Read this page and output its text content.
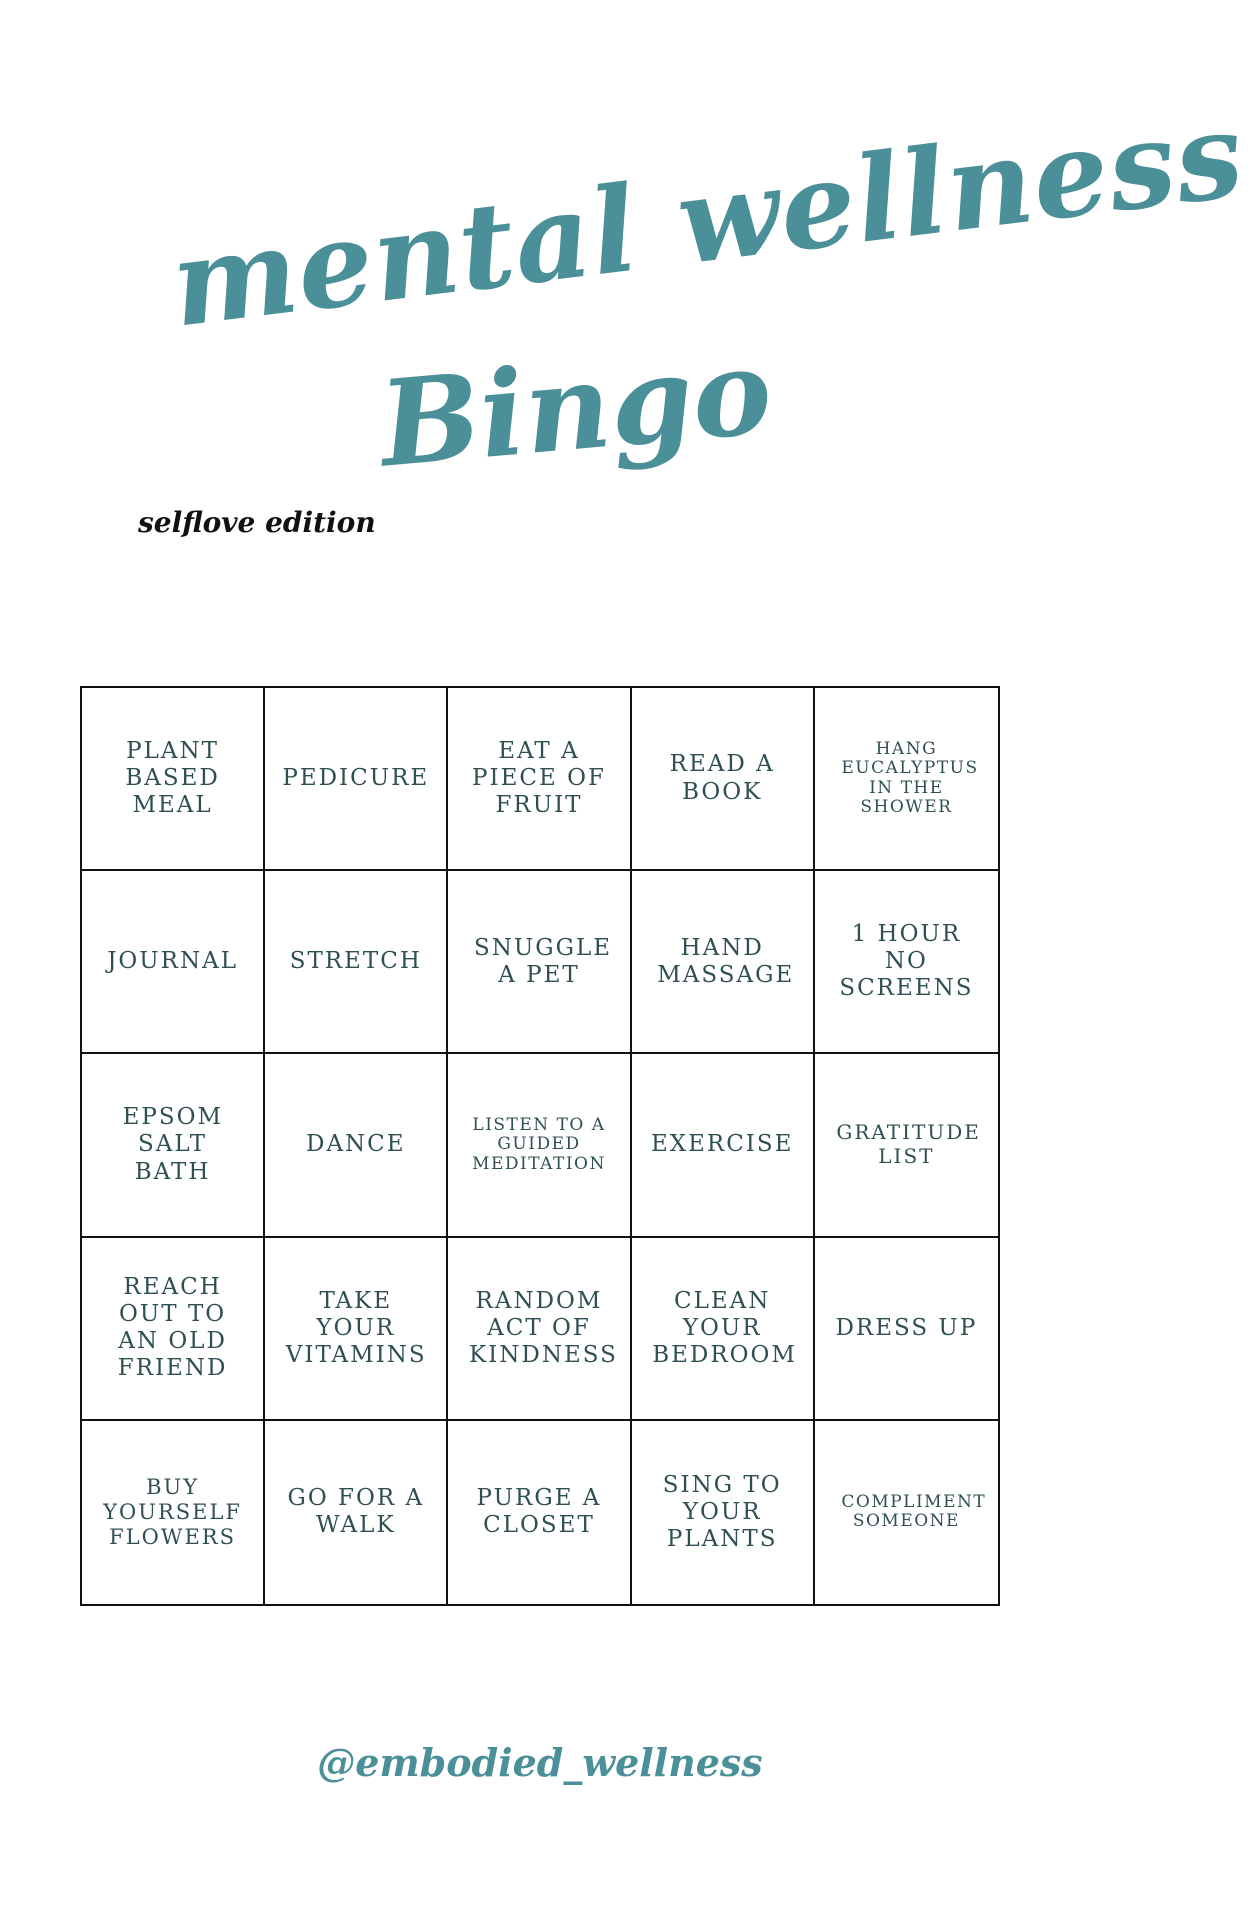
mental wellness
Bingo
selflove edition
PLANT BASED MEAL
PEDICURE
EAT A PIECE OF FRUIT
READ A BOOK
HANG EUCALYPTUS IN THE SHOWER
JOURNAL STRETCH
SNUGGLE A PET
HAND MASSAGE
1 HOUR NO SCREENS
EPSOM SALT BATH
DANCE
LISTEN TO A GUIDED MEDITATION
EXERCISE GRATITUDE LIST
REACH OUT TO AN OLD FRIEND
TAKE YOUR VITAMINS
RANDOM ACT OF KINDNESS
CLEAN YOUR BEDROOM
DRESS UP
BUY YOURSELF FLOWERS
GO FOR A WALK
PURGE A CLOSET
SING TO YOUR PLANTS
COMPLIMENT SOMEONE
@embodied_wellness
